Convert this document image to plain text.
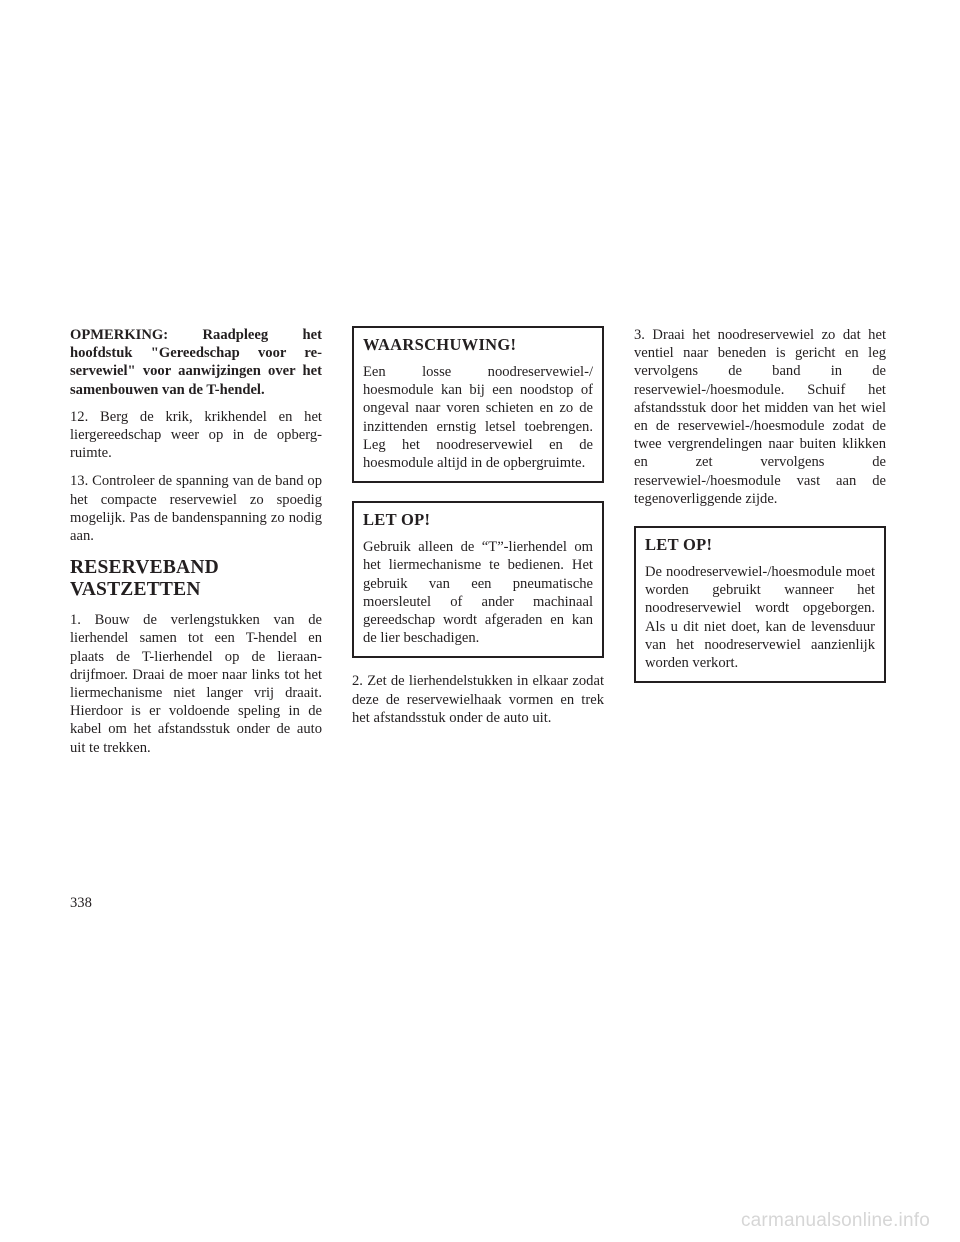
OPMERKING: Raadpleeg het hoofdstuk "Gereedschap voor reservewiel" voor aanwijzingen over het samenbouwen van de T-hendel.

12. Berg de krik, krikhendel en het liergereedschap weer op in de opbergruimte.

13. Controleer de spanning van de band op het compacte reservewiel zo spoedig mogelijk. Pas de bandenspanning zo nodig aan.

RESERVEBAND
VASTZETTEN

1. Bouw de verlengstukken van de lierhendel samen tot een T-hendel en plaats de T-lierhendel op de lieraandrijfmoer. Draai de moer naar links tot het liermechanisme niet langer vrij draait. Hierdoor is er voldoende speling in de kabel om het afstandsstuk onder de auto uit te trekken.

WAARSCHUWING!

Een losse noodreservewiel-/ hoesmodule kan bij een noodstop of ongeval naar voren schieten en zo de inzittenden ernstig letsel toebrengen. Leg het noodreservewiel en de hoesmodule altijd in de opbergruimte.

LET OP!

Gebruik alleen de “T”-lierhendel om het liermechanisme te bedienen. Het gebruik van een pneumatische moersleutel of ander machinaal gereedschap wordt afgeraden en kan de lier beschadigen.

2. Zet de lierhendelstukken in elkaar zodat deze de reservewielhaak vormen en trek het afstandsstuk onder de auto uit.

3. Draai het noodreservewiel zo dat het ventiel naar beneden is gericht en leg vervolgens de band in de reservewiel-/hoesmodule. Schuif het afstandsstuk door het midden van het wiel en de reservewiel-/hoesmodule zodat de twee vergrendelingen naar buiten klikken en zet vervolgens de reservewiel-/hoesmodule vast aan de tegenoverliggende zijde.

LET OP!

De noodreservewiel-/hoesmodule moet worden gebruikt wanneer het noodreservewiel wordt opgeborgen. Als u dit niet doet, kan de levensduur van het noodreservewiel aanzienlijk worden verkort.

338
carmanualsonline.info
